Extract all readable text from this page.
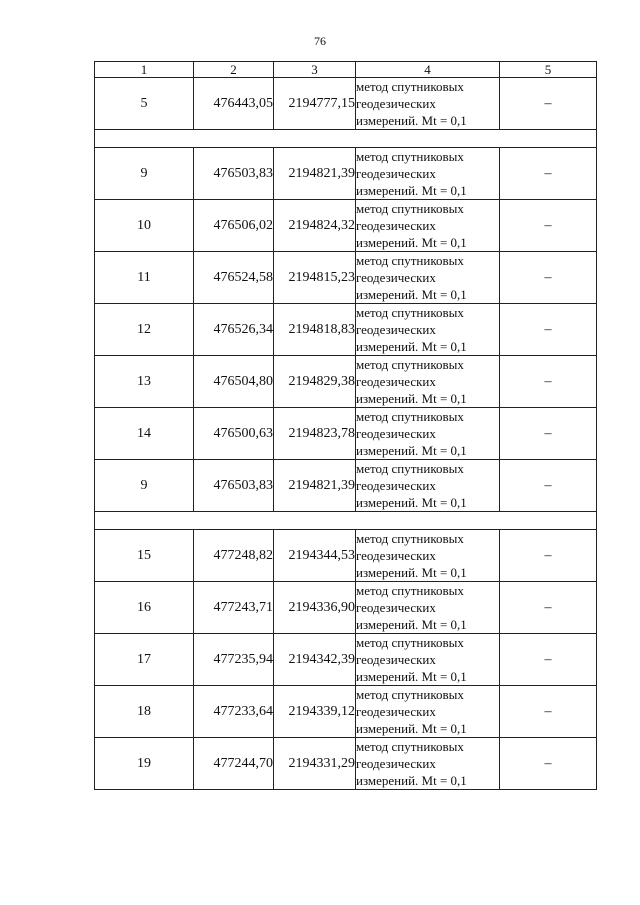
76
1	2	3	4	5
5	476443,05	2194777,15	метод спутниковых
геодезических
измерений. Mt = 0,1	–

9	476503,83	2194821,39	метод спутниковых
геодезических
измерений. Mt = 0,1	–
10	476506,02	2194824,32	метод спутниковых
геодезических
измерений. Mt = 0,1	–
11	476524,58	2194815,23	метод спутниковых
геодезических
измерений. Mt = 0,1	–
12	476526,34	2194818,83	метод спутниковых
геодезических
измерений. Mt = 0,1	–
13	476504,80	2194829,38	метод спутниковых
геодезических
измерений. Mt = 0,1	–
14	476500,63	2194823,78	метод спутниковых
геодезических
измерений. Mt = 0,1	–
9	476503,83	2194821,39	метод спутниковых
геодезических
измерений. Mt = 0,1	–

15	477248,82	2194344,53	метод спутниковых
геодезических
измерений. Mt = 0,1	–
16	477243,71	2194336,90	метод спутниковых
геодезических
измерений. Mt = 0,1	–
17	477235,94	2194342,39	метод спутниковых
геодезических
измерений. Mt = 0,1	–
18	477233,64	2194339,12	метод спутниковых
геодезических
измерений. Mt = 0,1	–
19	477244,70	2194331,29	метод спутниковых
геодезических
измерений. Mt = 0,1	–
